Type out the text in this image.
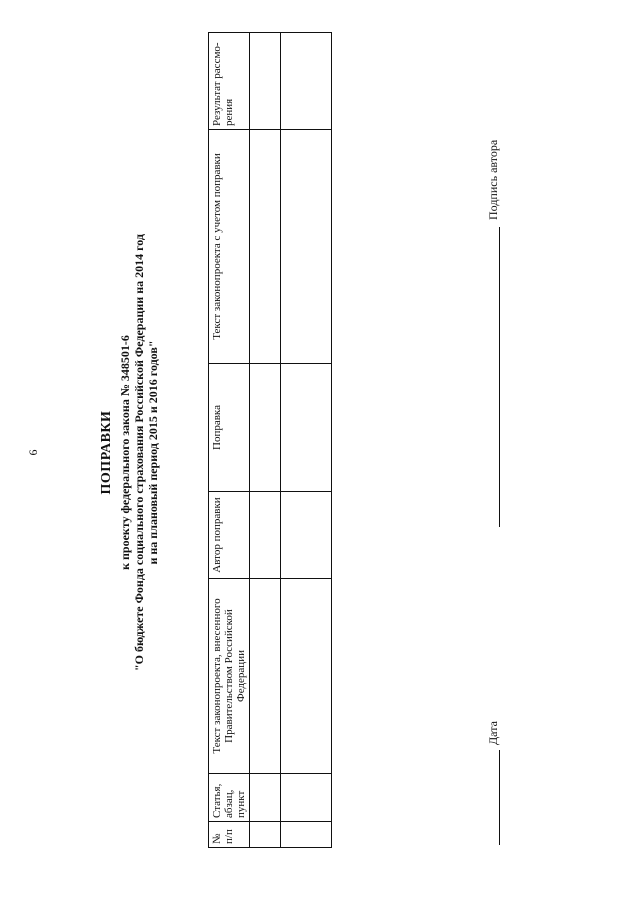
6	ПОПРАВКИ к проекту федерального закона № 348501-6 "О бюджете Фонда социального страхования Российской Федерации на 2014 год и на плановый период 2015 и 2016 годов"
№ п/п	Статья, абзац, пункт	Текст законопроекта, внесенного Правительством Российской Федерации	Автор поправки	Поправка	Текст законопроекта с учетом поправки	Результат рассмо-рения

Дата
Подпись автора
